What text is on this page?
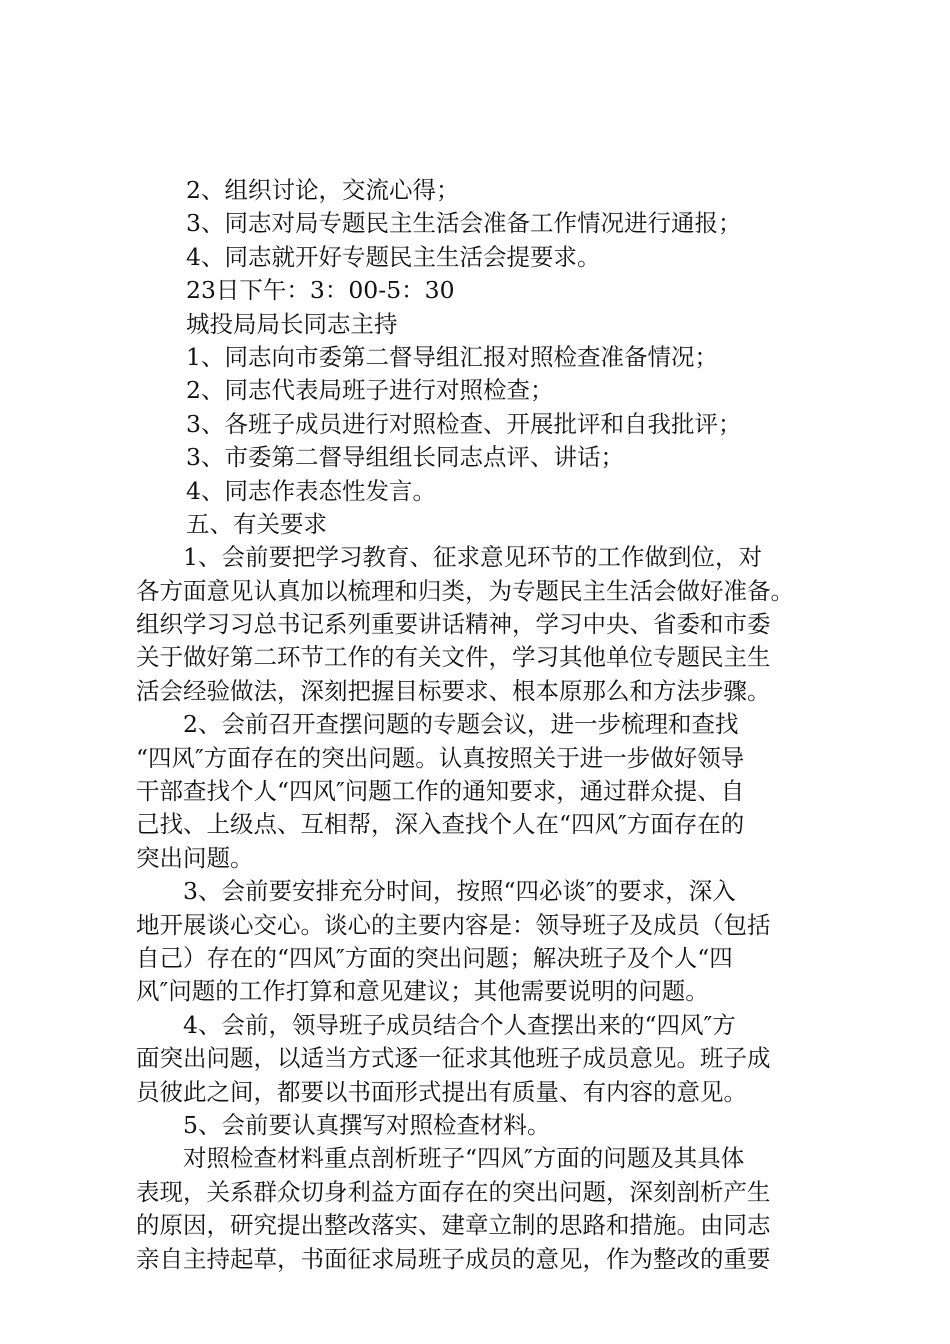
2、组织讨论，交流心得；
3、同志对局专题民主生活会准备工作情况进行通报；
4、同志就开好专题民主生活会提要求。
23日下午：3：00-5：30
城投局局长同志主持
1、同志向市委第二督导组汇报对照检查准备情况；
2、同志代表局班子进行对照检查；
3、各班子成员进行对照检查、开展批评和自我批评；
3、市委第二督导组组长同志点评、讲话；
4、同志作表态性发言。
五、有关要求
1、会前要把学习教育、征求意见环节的工作做到位，对
各方面意见认真加以梳理和归类，为专题民主生活会做好准备。
组织学习习总书记系列重要讲话精神，学习中央、省委和市委
关于做好第二环节工作的有关文件，学习其他单位专题民主生
活会经验做法，深刻把握目标要求、根本原那么和方法步骤。
2、会前召开查摆问题的专题会议，进一步梳理和查找
“四风″方面存在的突出问题。认真按照关于进一步做好领导
干部查找个人“四风″问题工作的通知要求，通过群众提、自
己找、上级点、互相帮，深入查找个人在“四风″方面存在的
突出问题。
3、会前要安排充分时间，按照“四必谈″的要求，深入
地开展谈心交心。谈心的主要内容是：领导班子及成员（包括
自己）存在的“四风″方面的突出问题；解决班子及个人“四
风″问题的工作打算和意见建议；其他需要说明的问题。
4、会前，领导班子成员结合个人查摆出来的“四风″方
面突出问题，以适当方式逐一征求其他班子成员意见。班子成
员彼此之间，都要以书面形式提出有质量、有内容的意见。
5、会前要认真撰写对照检查材料。
对照检查材料重点剖析班子“四风″方面的问题及其具体
表现，关系群众切身利益方面存在的突出问题，深刻剖析产生
的原因，研究提出整改落实、建章立制的思路和措施。由同志
亲自主持起草，书面征求局班子成员的意见，作为整改的重要
